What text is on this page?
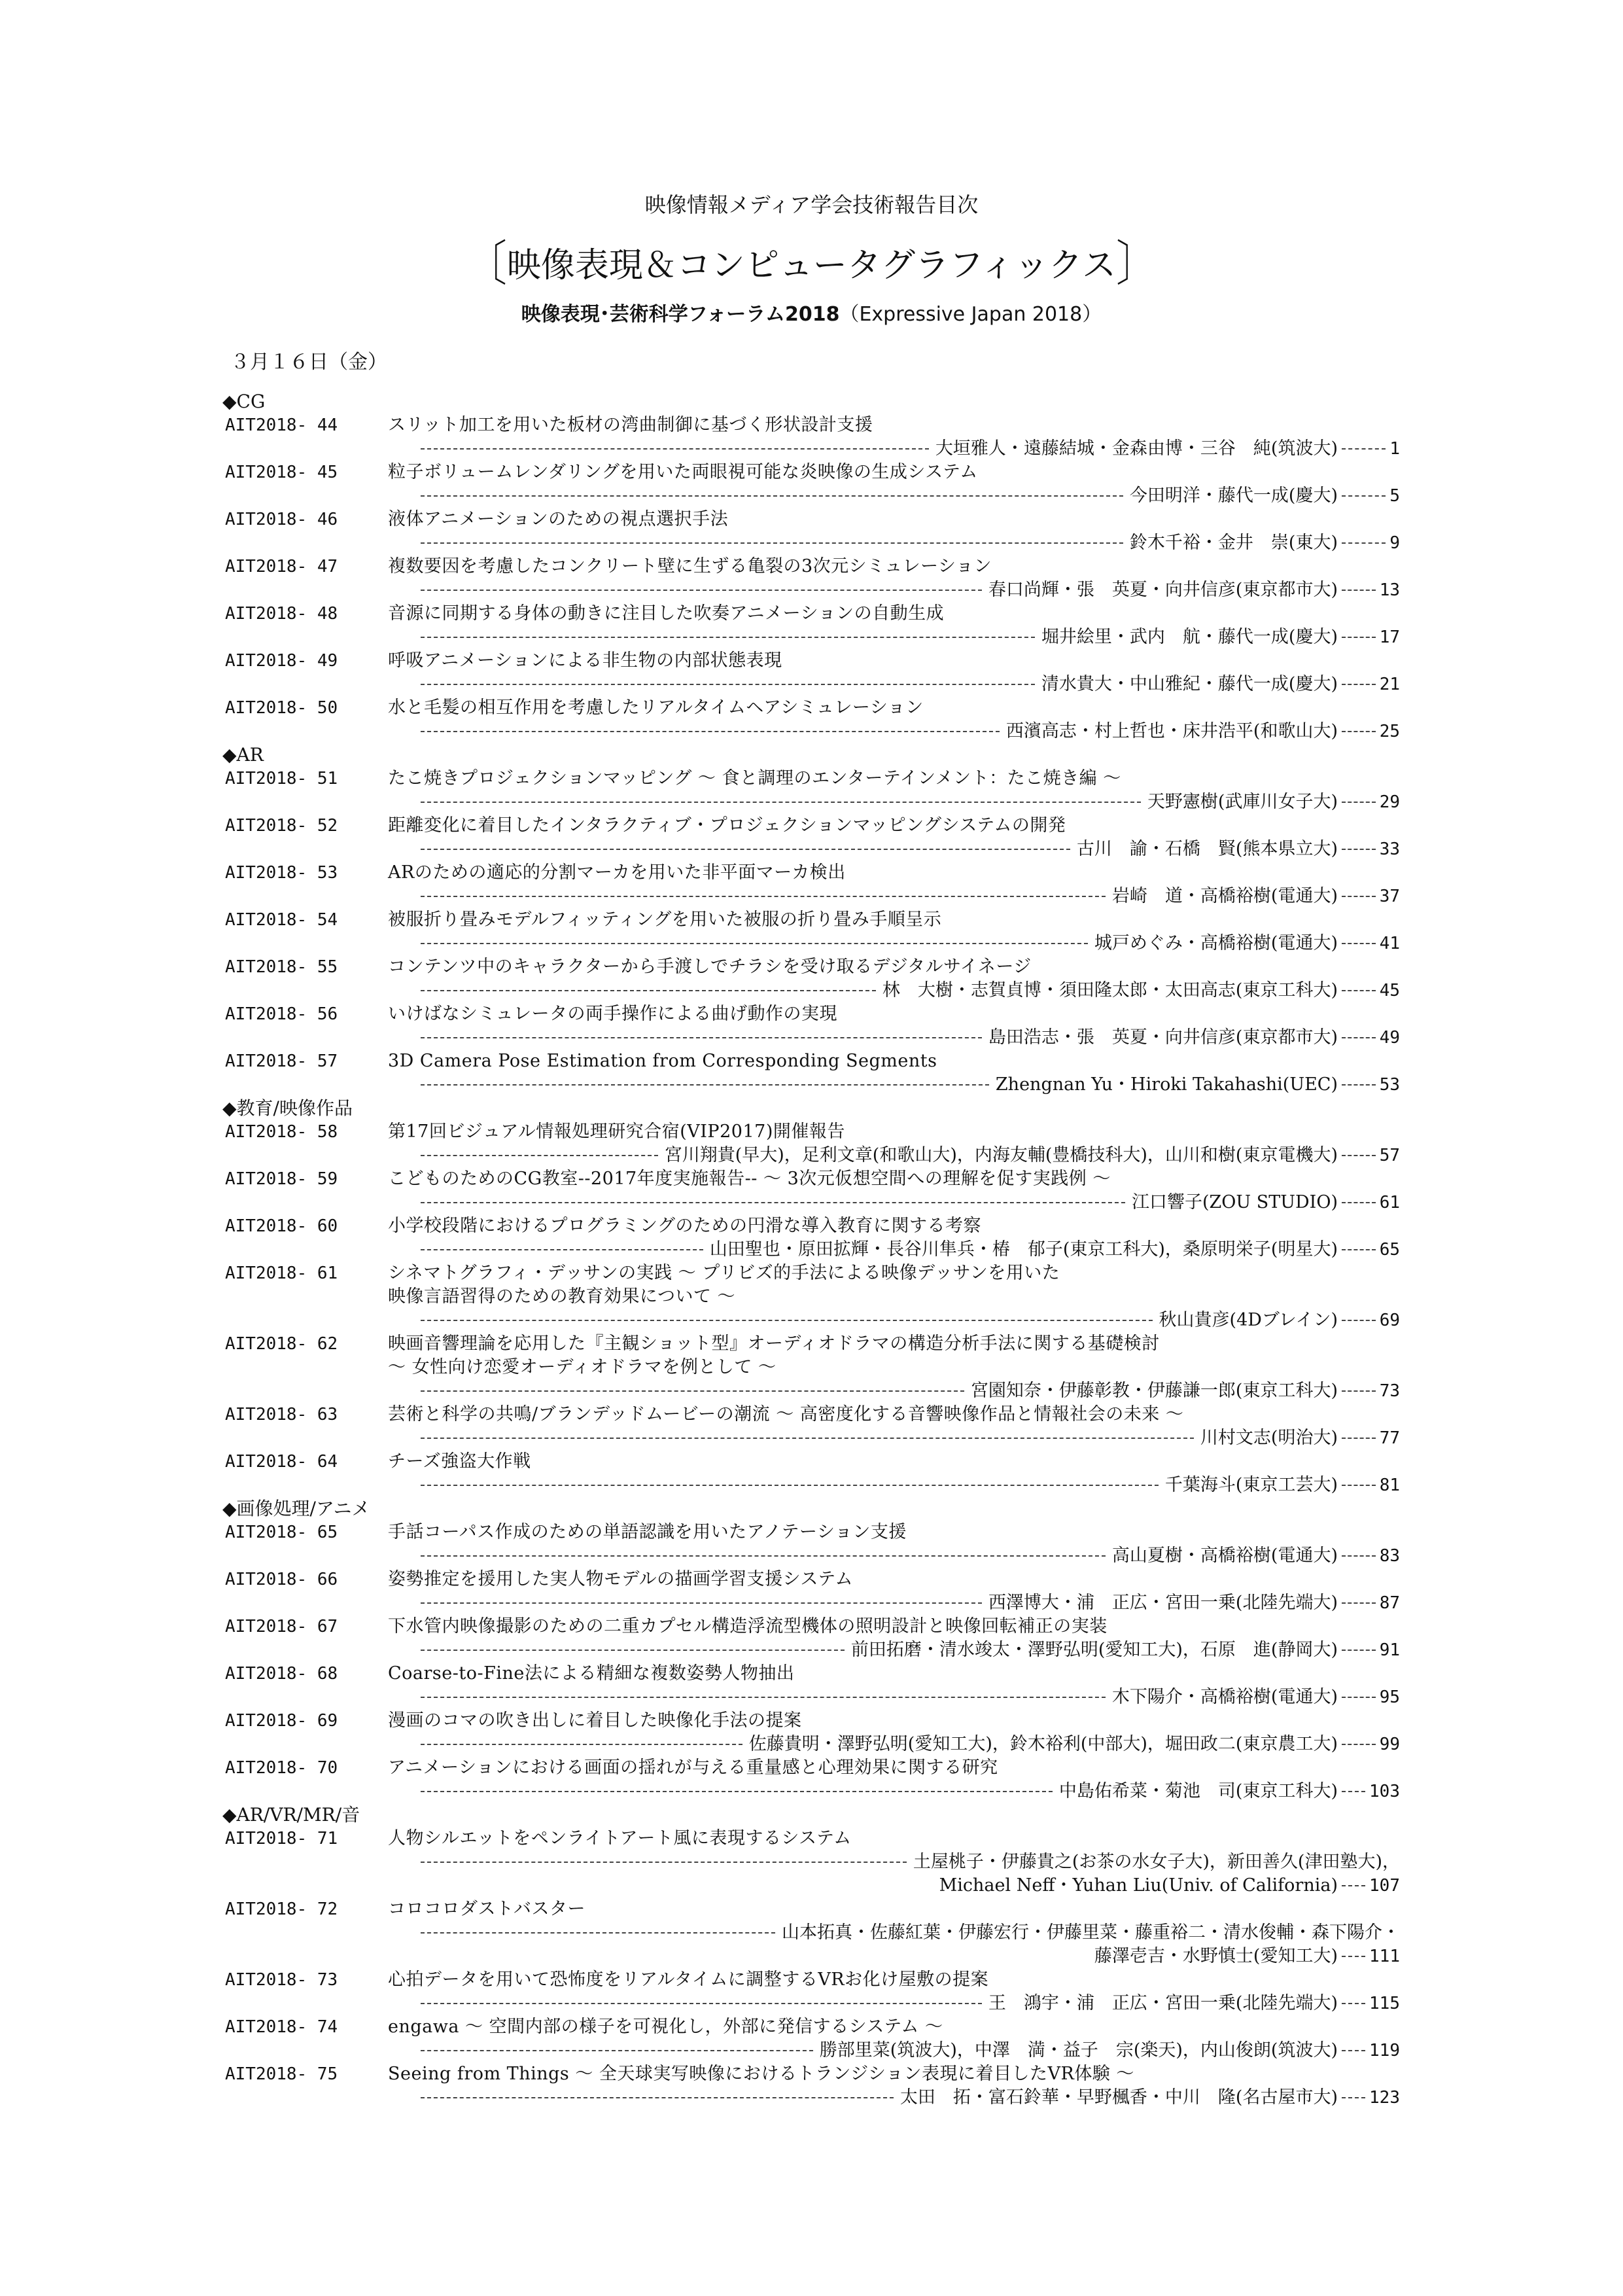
映像情報メディア学会技術報告目次
〔映像表現＆コンピュータグラフィックス〕
映像表現･芸術科学フォーラム2018（Expressive Japan 2018）
３月１６日（金）
◆CG
AIT2018- 44	スリット加工を用いた板材の湾曲制御に基づく形状設計支援
大垣雅人・遠藤結城・金森由博・三谷　純(筑波大)	1
AIT2018- 45	粒子ボリュームレンダリングを用いた両眼視可能な炎映像の生成システム
今田明洋・藤代一成(慶大)	5
AIT2018- 46	液体アニメーションのための視点選択手法
鈴木千裕・金井　崇(東大)	9
AIT2018- 47	複数要因を考慮したコンクリート壁に生ずる亀裂の3次元シミュレーション
春口尚輝・張　英夏・向井信彦(東京都市大)	13
AIT2018- 48	音源に同期する身体の動きに注目した吹奏アニメーションの自動生成
堀井絵里・武内　航・藤代一成(慶大)	17
AIT2018- 49	呼吸アニメーションによる非生物の内部状態表現
清水貴大・中山雅紀・藤代一成(慶大)	21
AIT2018- 50	水と毛髪の相互作用を考慮したリアルタイムヘアシミュレーション
西濱高志・村上哲也・床井浩平(和歌山大)	25
◆AR
AIT2018- 51	たこ焼きプロジェクションマッピング ～ 食と調理のエンターテインメント：たこ焼き編 ～
天野憲樹(武庫川女子大)	29
AIT2018- 52	距離変化に着目したインタラクティブ・プロジェクションマッピングシステムの開発
古川　諭・石橋　賢(熊本県立大)	33
AIT2018- 53	ARのための適応的分割マーカを用いた非平面マーカ検出
岩崎　道・高橋裕樹(電通大)	37
AIT2018- 54	被服折り畳みモデルフィッティングを用いた被服の折り畳み手順呈示
城戸めぐみ・高橋裕樹(電通大)	41
AIT2018- 55	コンテンツ中のキャラクターから手渡しでチラシを受け取るデジタルサイネージ
林　大樹・志賀貞博・須田隆太郎・太田高志(東京工科大)	45
AIT2018- 56	いけばなシミュレータの両手操作による曲げ動作の実現
島田浩志・張　英夏・向井信彦(東京都市大)	49
AIT2018- 57	3D Camera Pose Estimation from Corresponding Segments
Zhengnan Yu・Hiroki Takahashi(UEC)	53
◆教育/映像作品
AIT2018- 58	第17回ビジュアル情報処理研究合宿(VIP2017)開催報告
宮川翔貴(早大)，足利文章(和歌山大)，内海友輔(豊橋技科大)，山川和樹(東京電機大)	57
AIT2018- 59	こどものためのCG教室--2017年度実施報告-- ～ 3次元仮想空間への理解を促す実践例 ～
江口響子(ZOU STUDIO)	61
AIT2018- 60	小学校段階におけるプログラミングのための円滑な導入教育に関する考察
山田聖也・原田拡輝・長谷川隼兵・椿　郁子(東京工科大)，桑原明栄子(明星大)	65
AIT2018- 61	シネマトグラフィ・デッサンの実践 ～ プリビズ的手法による映像デッサンを用いた
映像言語習得のための教育効果について ～
秋山貴彦(4Dブレイン)	69
AIT2018- 62	映画音響理論を応用した『主観ショット型』オーディオドラマの構造分析手法に関する基礎検討
～ 女性向け恋愛オーディオドラマを例として ～
宮園知奈・伊藤彰教・伊藤謙一郎(東京工科大)	73
AIT2018- 63	芸術と科学の共鳴/ブランデッドムービーの潮流 ～ 高密度化する音響映像作品と情報社会の未来 ～
川村文志(明治大)	77
AIT2018- 64	チーズ強盗大作戦
千葉海斗(東京工芸大)	81
◆画像処理/アニメ
AIT2018- 65	手話コーパス作成のための単語認識を用いたアノテーション支援
高山夏樹・高橋裕樹(電通大)	83
AIT2018- 66	姿勢推定を援用した実人物モデルの描画学習支援システム
西澤博大・浦　正広・宮田一乗(北陸先端大)	87
AIT2018- 67	下水管内映像撮影のための二重カプセル構造浮流型機体の照明設計と映像回転補正の実装
前田拓磨・清水竣太・澤野弘明(愛知工大)，石原　進(静岡大)	91
AIT2018- 68	Coarse-to-Fine法による精細な複数姿勢人物抽出
木下陽介・高橋裕樹(電通大)	95
AIT2018- 69	漫画のコマの吹き出しに着目した映像化手法の提案
佐藤貴明・澤野弘明(愛知工大)，鈴木裕利(中部大)，堀田政二(東京農工大)	99
AIT2018- 70	アニメーションにおける画面の揺れが与える重量感と心理効果に関する研究
中島佑希菜・菊池　司(東京工科大)	103
◆AR/VR/MR/音
AIT2018- 71	人物シルエットをペンライトアート風に表現するシステム
土屋桃子・伊藤貴之(お茶の水女子大)，新田善久(津田塾大)，
Michael Neff・Yuhan Liu(Univ. of California)	107
AIT2018- 72	コロコロダストバスター
山本拓真・佐藤紅葉・伊藤宏行・伊藤里菜・藤重裕二・清水俊輔・森下陽介・
藤澤壱吉・水野慎士(愛知工大)	111
AIT2018- 73	心拍データを用いて恐怖度をリアルタイムに調整するVRお化け屋敷の提案
王　鴻宇・浦　正広・宮田一乗(北陸先端大)	115
AIT2018- 74	engawa ～ 空間内部の様子を可視化し，外部に発信するシステム ～
勝部里菜(筑波大)，中澤　満・益子　宗(楽天)，内山俊朗(筑波大)	119
AIT2018- 75	Seeing from Things ～ 全天球実写映像におけるトランジション表現に着目したVR体験 ～
太田　拓・富石鈴華・早野楓香・中川　隆(名古屋市大)	123
